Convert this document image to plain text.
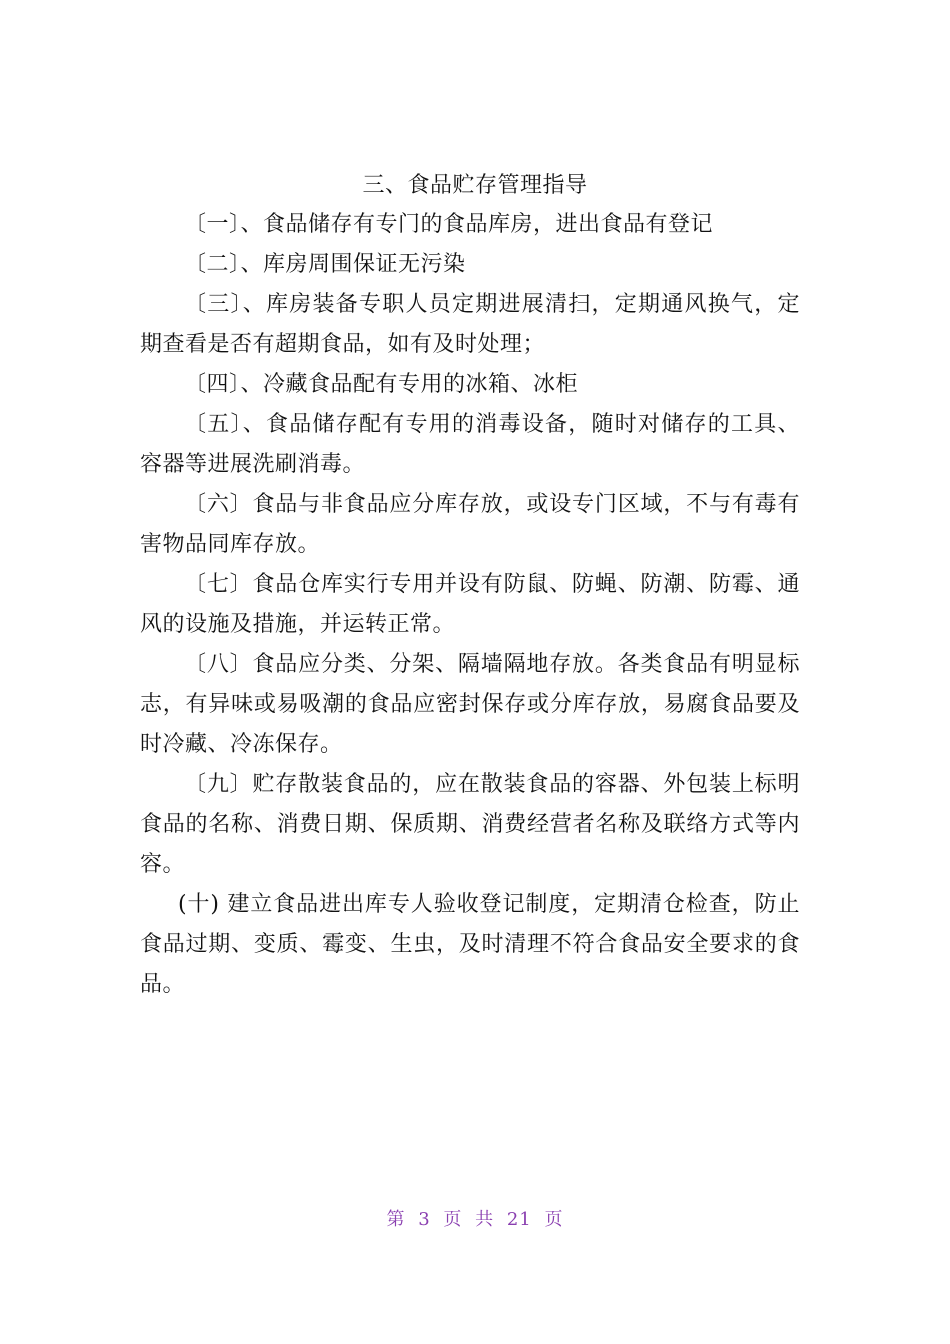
三、食品贮存管理指导

〔一〕、食品储存有专门的食品库房，进出食品有登记

〔二〕、库房周围保证无污染

〔三〕、库房装备专职人员定期进展清扫，定期通风换气，定期查看是否有超期食品，如有及时处理；

〔四〕、冷藏食品配有专用的冰箱、冰柜

〔五〕、食品储存配有专用的消毒设备，随时对储存的工具、容器等进展洗刷消毒。

〔六〕食品与非食品应分库存放，或设专门区域，不与有毒有害物品同库存放。

〔七〕食品仓库实行专用并设有防鼠、防蝇、防潮、防霉、通风的设施及措施，并运转正常。

〔八〕食品应分类、分架、隔墙隔地存放。各类食品有明显标志，有异味或易吸潮的食品应密封保存或分库存放，易腐食品要及时冷藏、冷冻保存。

〔九〕贮存散装食品的，应在散装食品的容器、外包装上标明食品的名称、消费日期、保质期、消费经营者名称及联络方式等内容。

(十) 建立食品进出库专人验收登记制度，定期清仓检查，防止食品过期、变质、霉变、生虫，及时清理不符合食品安全要求的食品。

第 3 页 共 21 页
